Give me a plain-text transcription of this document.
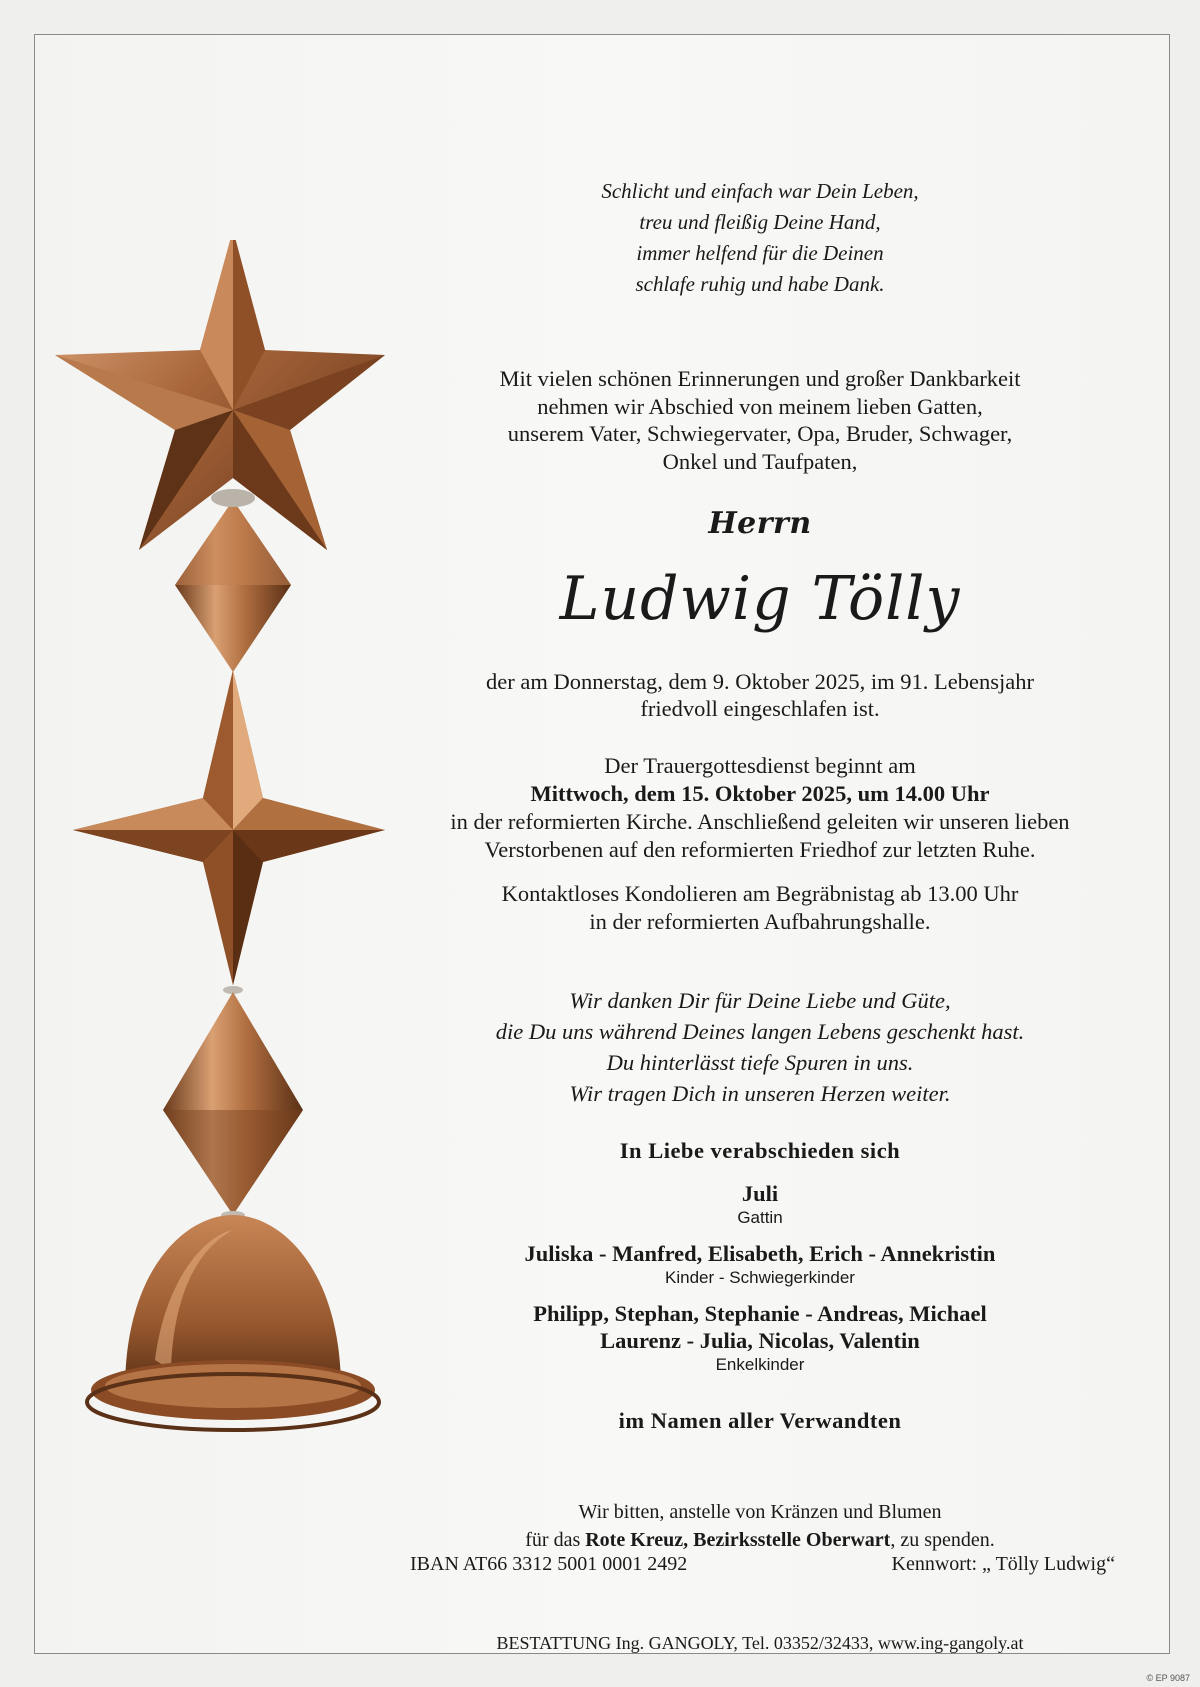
Schlicht und einfach war Dein Leben,
treu und fleißig Deine Hand,
immer helfend für die Deinen
schlafe ruhig und habe Dank.
Mit vielen schönen Erinnerungen und großer Dankbarkeit
nehmen wir Abschied von meinem lieben Gatten,
unserem Vater, Schwiegervater, Opa, Bruder, Schwager,
Onkel und Taufpaten,
Herrn
Ludwig Tölly
der am Donnerstag, dem 9. Oktober 2025, im 91. Lebensjahr
friedvoll eingeschlafen ist.
Der Trauergottesdienst beginnt am
Mittwoch, dem 15. Oktober 2025, um 14.00 Uhr
in der reformierten Kirche. Anschließend geleiten wir unseren lieben
Verstorbenen auf den reformierten Friedhof zur letzten Ruhe.
Kontaktloses Kondolieren am Begräbnistag ab 13.00 Uhr
in der reformierten Aufbahrungshalle.
Wir danken Dir für Deine Liebe und Güte,
die Du uns während Deines langen Lebens geschenkt hast.
Du hinterlässt tiefe Spuren in uns.
Wir tragen Dich in unseren Herzen weiter.
In Liebe verabschieden sich
Juli
Gattin
Juliska - Manfred, Elisabeth, Erich - Annekristin
Kinder - Schwiegerkinder
Philipp, Stephan, Stephanie - Andreas, Michael
Laurenz - Julia, Nicolas, Valentin
Enkelkinder
im Namen aller Verwandten
Wir bitten, anstelle von Kränzen und Blumen
für das Rote Kreuz, Bezirksstelle Oberwart, zu spenden.
IBAN AT66 3312 5001 0001 2492	Kennwort: „ Tölly Ludwig“
BESTATTUNG Ing. GANGOLY, Tel. 03352/32433, www.ing-gangoly.at
© EP 9087
